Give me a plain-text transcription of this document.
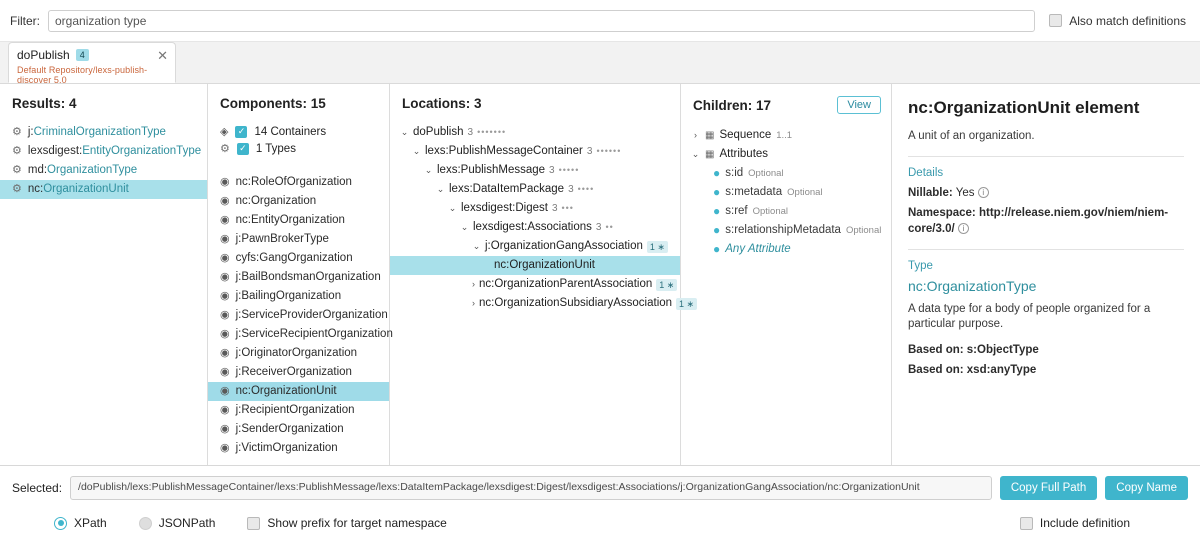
Filter:
organization type	Also match definitions
doPublish	4
Default Repository/lexs-publish-discover 5.0
✕
Results: 4
⚙ j:CriminalOrganizationType
⚙ lexsdigest:EntityOrganizationType
⚙ md:OrganizationType
⚙ nc:OrganizationUnit
Components: 15
◈ ✓ 14 Containers
⚙ ✓ 1 Types
◉ nc:RoleOfOrganization
◉ nc:Organization
◉ nc:EntityOrganization
◉ j:PawnBrokerType
◉ cyfs:GangOrganization
◉ j:BailBondsmanOrganization
◉ j:BailingOrganization
◉ j:ServiceProviderOrganization
◉ j:ServiceRecipientOrganization
◉ j:OriginatorOrganization
◉ j:ReceiverOrganization
◉ nc:OrganizationUnit
◉ j:RecipientOrganization
◉ j:SenderOrganization
◉ j:VictimOrganization
Locations: 3
⌄ doPublish 3 •••••••
⌄ lexs:PublishMessageContainer 3 ••••••
⌄ lexs:PublishMessage 3 •••••
⌄ lexs:DataItemPackage 3 ••••
⌄ lexsdigest:Digest 3 •••
⌄ lexsdigest:Associations 3 ••
⌄ j:OrganizationGangAssociation 1 ∗
nc:OrganizationUnit
› nc:OrganizationParentAssociation 1 ∗
› nc:OrganizationSubsidiaryAssociation 1 ∗
Children: 17	View
› ▦ Sequence 1..1
⌄ ▦ Attributes
● s:id Optional
● s:metadata Optional
● s:ref Optional
● s:relationshipMetadata Optional
● Any Attribute
nc:OrganizationUnit element

A unit of an organization.

Details
Nillable: Yes i
Namespace: http://release.niem.gov/niem/niem-core/3.0/ i
Type
nc:OrganizationType

A data type for a body of people organized for a particular purpose.

Based on: s:ObjectType
Based on: xsd:anyType
Selected:	/doPublish/lexs:PublishMessageContainer/lexs:PublishMessage/lexs:DataItemPackage/lexsdigest:Digest/lexsdigest:Associations/j:OrganizationGangAssociation/nc:OrganizationUnit	Copy Full Path	Copy Name
XPath	JSONPath	Show prefix for target namespace	Include definition
